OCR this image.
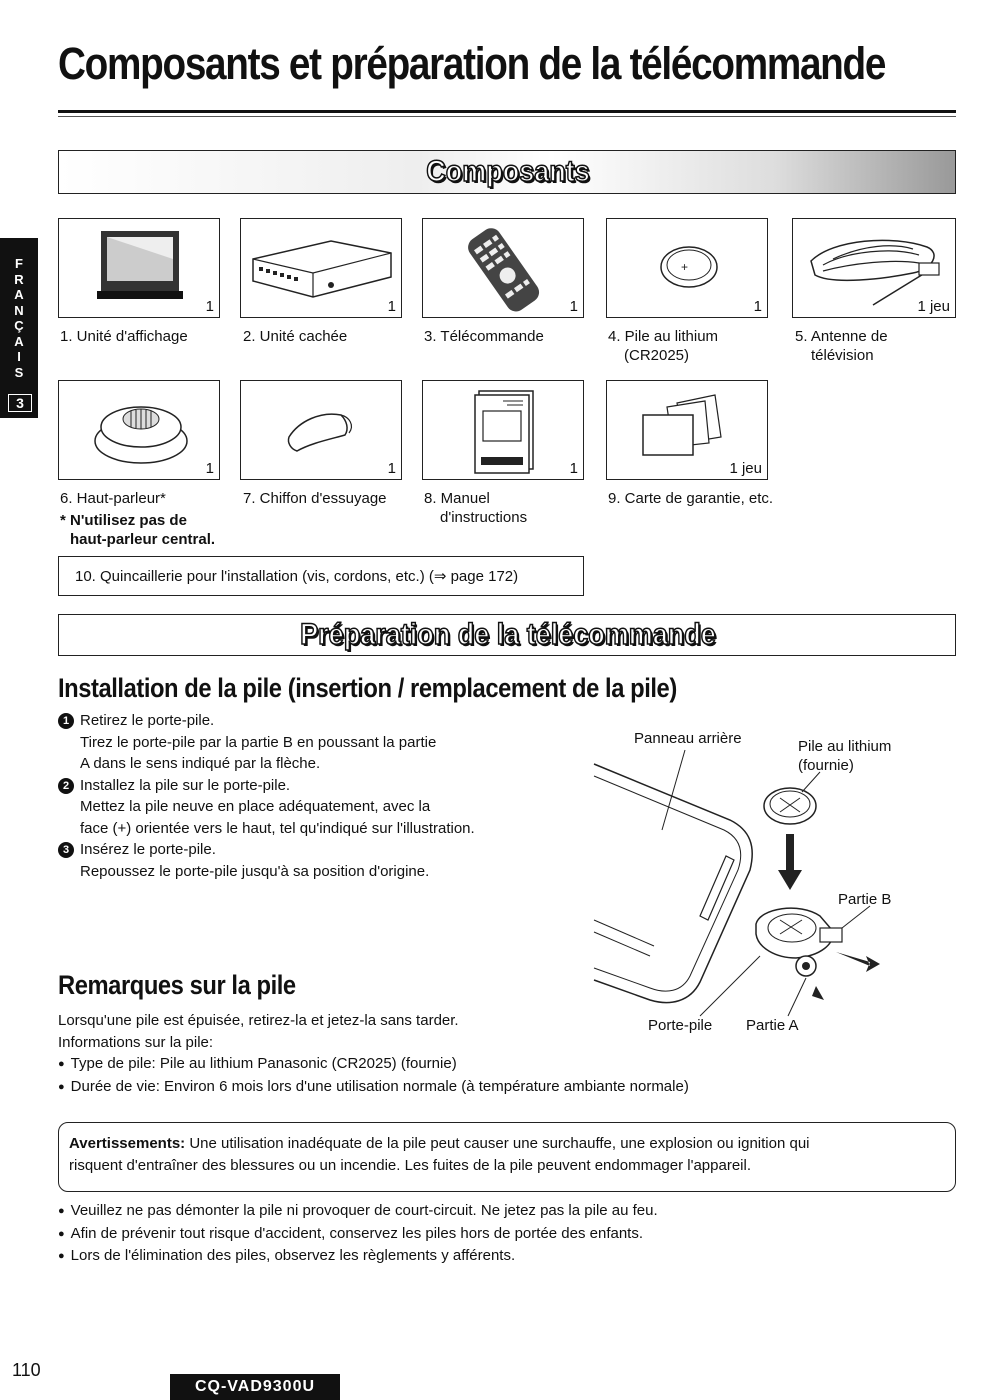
Composants et préparation de la télécommande
F
R
A
N
Ç
A
I
S
3
Composants
1	1	1
+
1	1 jeu
1. Unité d'affichage	2. Unité cachée	3. Télécommande	4. Pile au lithium
(CR2025)
5. Antenne de
télévision
1	1	1	1 jeu
6. Haut-parleur*
* N'utilisez pas de
haut-parleur central.
7. Chiffon d'essuyage 8. Manuel
d'instructions
9. Carte de garantie, etc.
10. Quincaillerie pour l'installation (vis, cordons, etc.) (⇒ page 172)
Préparation de la télécommande
Installation de la pile (insertion / remplacement de la pile)
1 Retirez le porte-pile.
Tirez le porte-pile par la partie B en poussant la partie
A dans le sens indiqué par la flèche.
2 Installez la pile sur le porte-pile.
Mettez la pile neuve en place adéquatement, avec la
face (+) orientée vers le haut, tel qu'indiqué sur l'illustration.
3 Insérez le porte-pile.
Repoussez le porte-pile jusqu'à sa position d'origine.
Panneau arrière	Pile au lithium
(fournie)
Partie B
Porte-pile Partie A
Remarques sur la pile
Lorsqu'une pile est épuisée, retirez-la et jetez-la sans tarder.
Informations sur la pile:
● Type de pile: Pile au lithium Panasonic (CR2025) (fournie)
● Durée de vie: Environ 6 mois lors d'une utilisation normale (à température ambiante normale)
Avertissements: Une utilisation inadéquate de la pile peut causer une surchauffe, une explosion ou ignition qui
risquent d'entraîner des blessures ou un incendie. Les fuites de la pile peuvent endommager l'appareil.
● Veuillez ne pas démonter la pile ni provoquer de court-circuit. Ne jetez pas la pile au feu.
● Afin de prévenir tout risque d'accident, conservez les piles hors de portée des enfants.
● Lors de l'élimination des piles, observez les règlements y afférents.
110
CQ-VAD9300U
